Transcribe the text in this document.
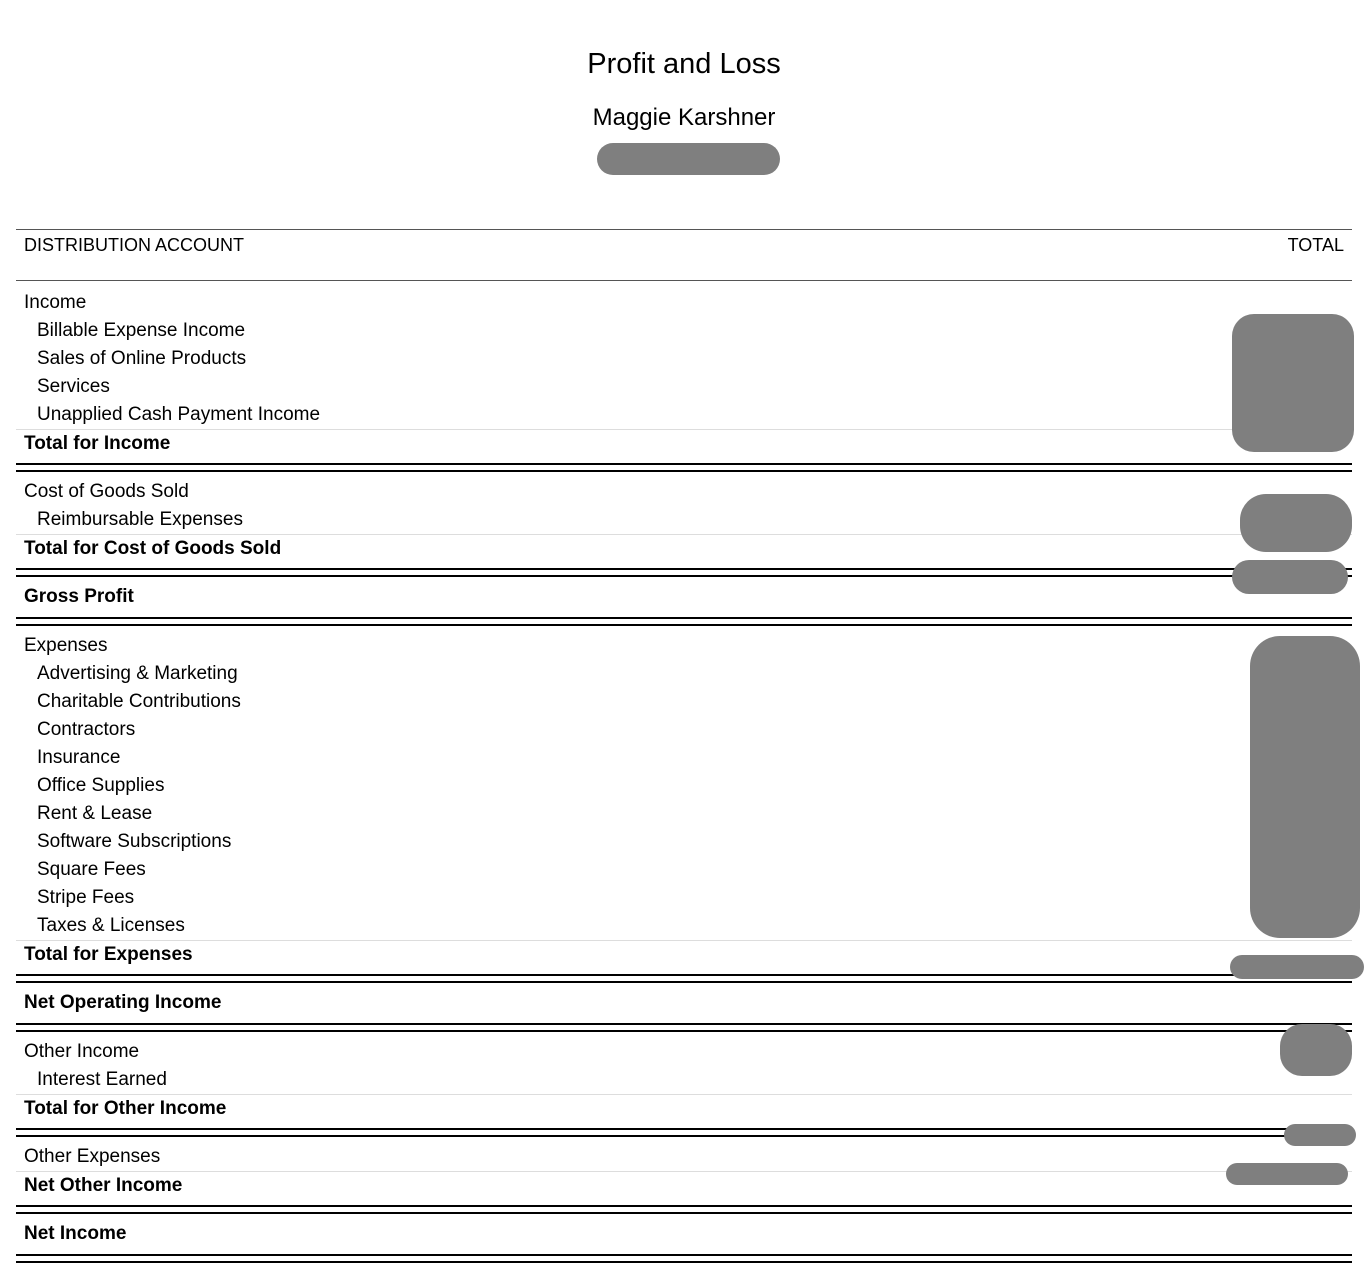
Profit and Loss
Maggie Karshner
DISTRIBUTION ACCOUNT	TOTAL
Income
Billable Expense Income
Sales of Online Products
Services
Unapplied Cash Payment Income
Total for Income
Cost of Goods Sold
Reimbursable Expenses
Total for Cost of Goods Sold
Gross Profit
Expenses
Advertising & Marketing
Charitable Contributions
Contractors
Insurance
Office Supplies
Rent & Lease
Software Subscriptions
Square Fees
Stripe Fees
Taxes & Licenses
Total for Expenses
Net Operating Income
Other Income
Interest Earned
Total for Other Income
Other Expenses
Net Other Income
Net Income
